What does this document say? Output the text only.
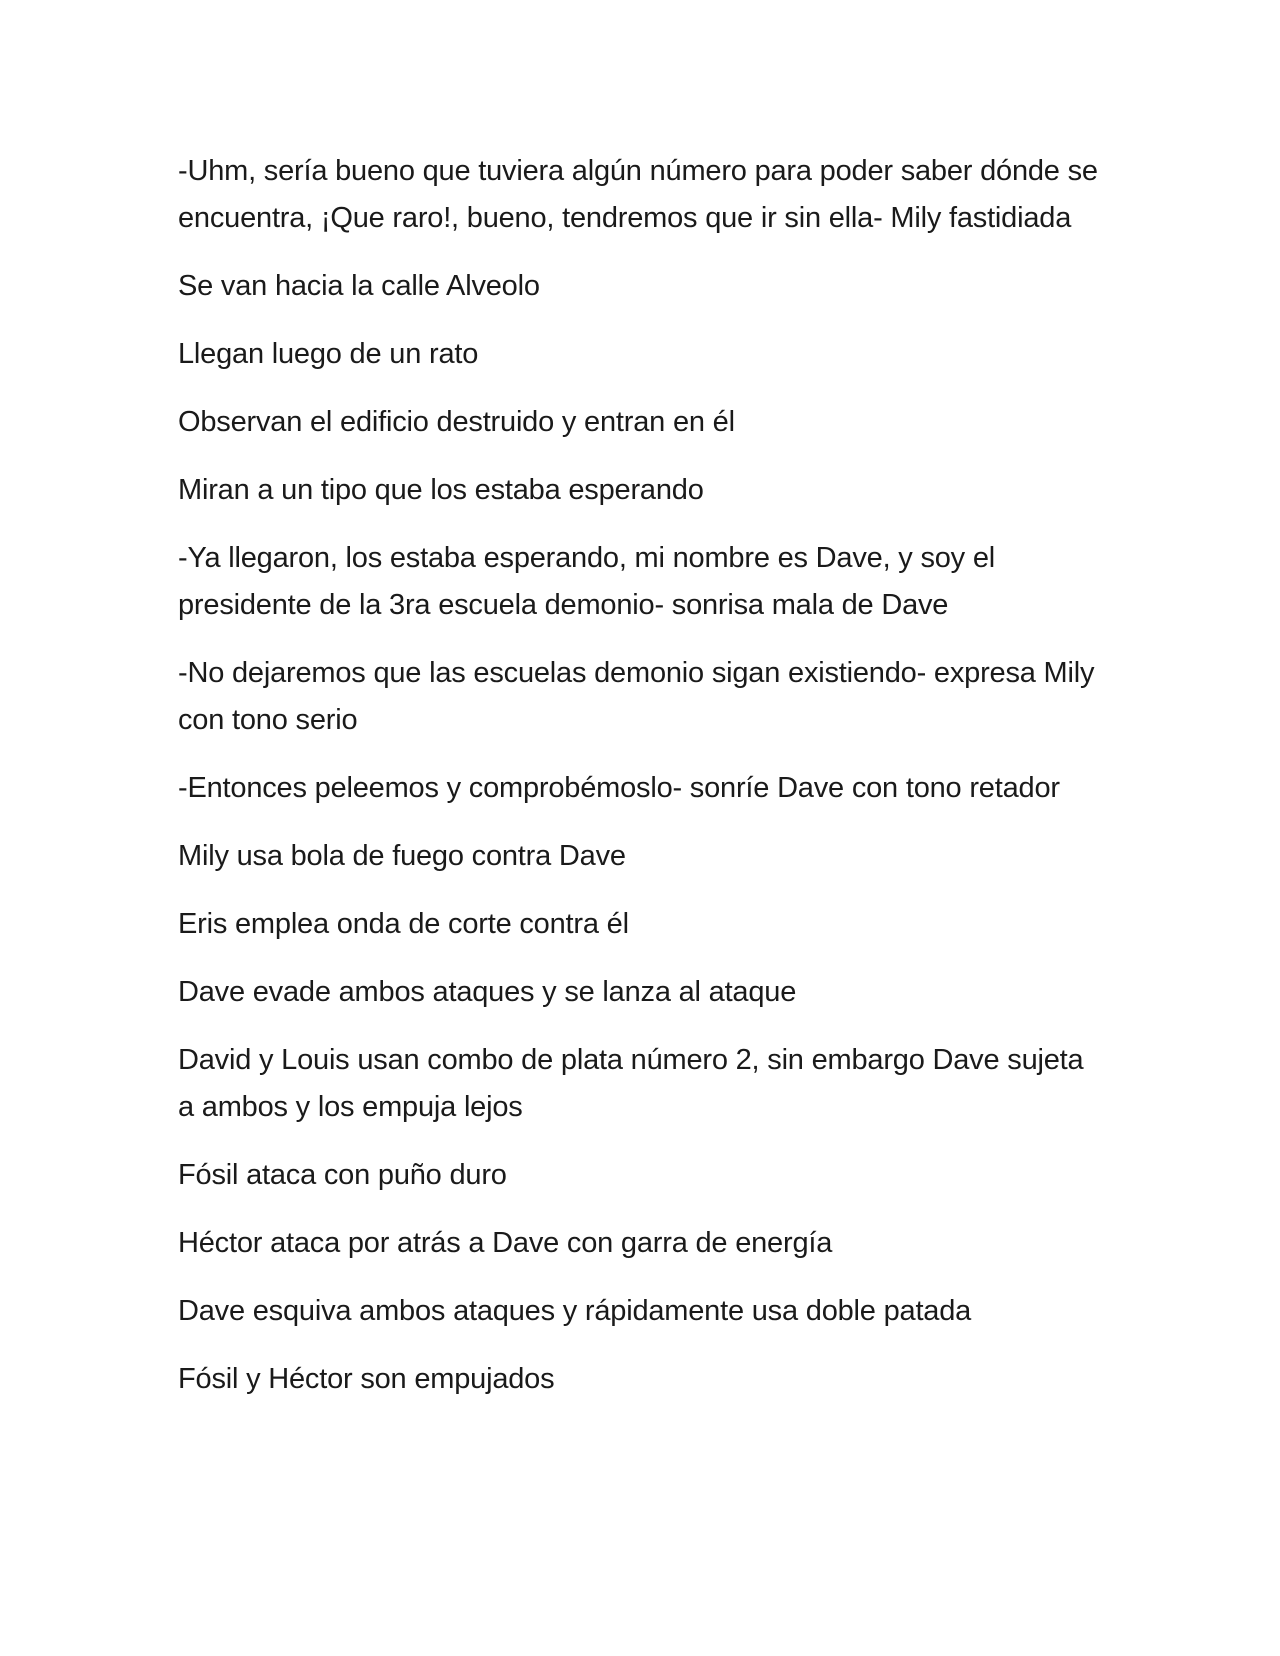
-Uhm, sería bueno que tuviera algún número para poder saber dónde se encuentra, ¡Que raro!, bueno, tendremos que ir sin ella- Mily fastidiada

Se van hacia la calle Alveolo

Llegan luego de un rato

Observan el edificio destruido y entran en él

Miran a un tipo que los estaba esperando

-Ya llegaron, los estaba esperando, mi nombre es Dave, y soy el presidente de la 3ra escuela demonio- sonrisa mala de Dave

-No dejaremos que las escuelas demonio sigan existiendo- expresa Mily con tono serio

-Entonces peleemos y comprobémoslo- sonríe Dave con tono retador

Mily usa bola de fuego contra Dave

Eris emplea onda de corte contra él

Dave evade ambos ataques y se lanza al ataque

David y Louis usan combo de plata número 2, sin embargo Dave sujeta a ambos y los empuja lejos

Fósil ataca con puño duro

Héctor ataca por atrás a Dave con garra de energía

Dave esquiva ambos ataques y rápidamente usa doble patada

Fósil y Héctor son empujados
